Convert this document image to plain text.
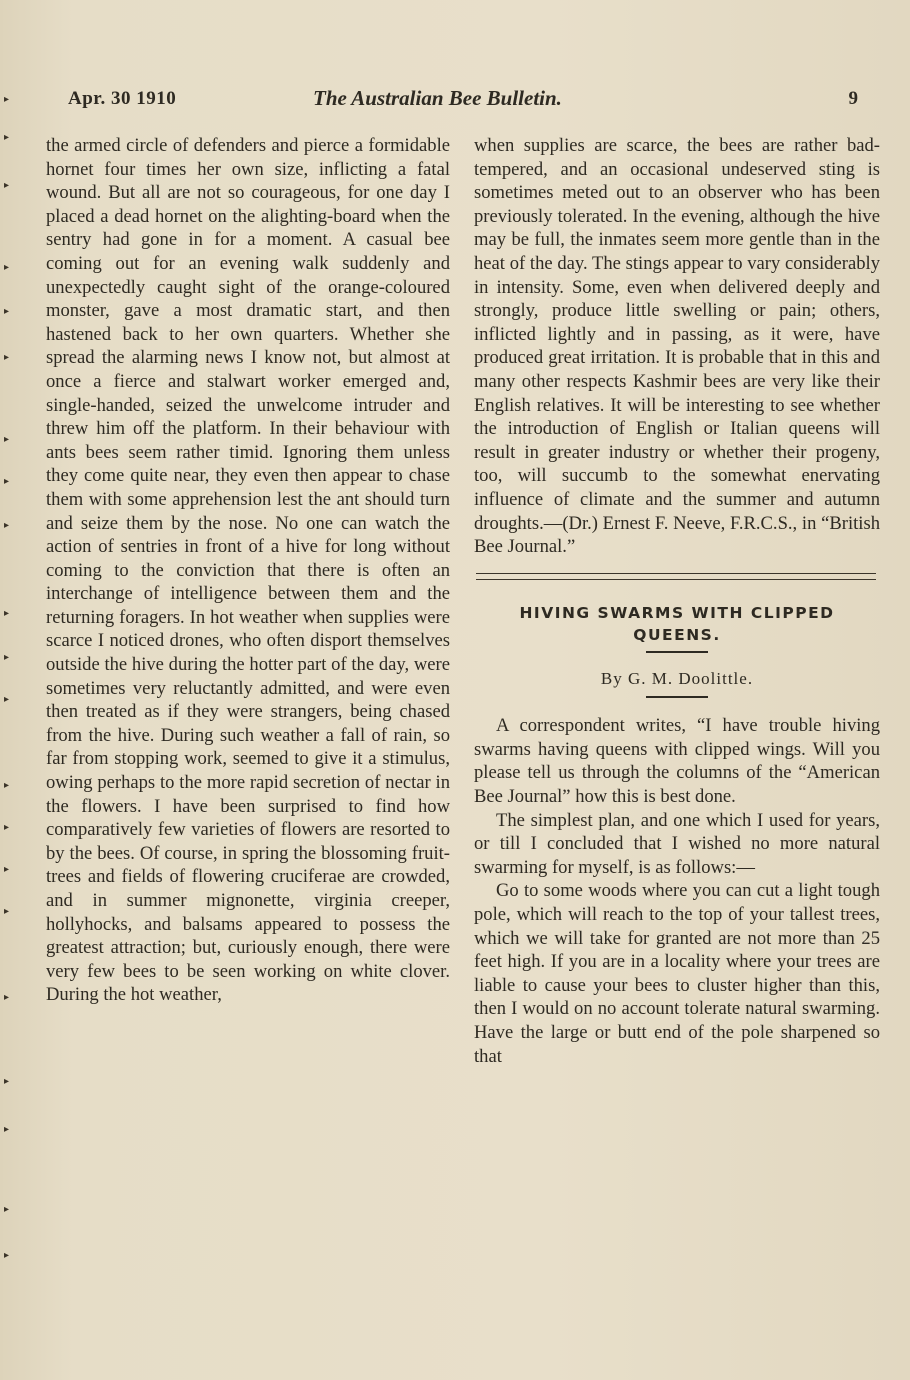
▸
▸
▸
▸
▸
▸
▸
▸
▸
▸
▸
▸
▸
▸
▸
▸
▸
▸
▸
▸
▸
Apr. 30 1910	The Australian Bee Bulletin.	9

the armed circle of defenders and pierce a formidable hornet four times her own size, inflicting a fatal wound. But all are not so courageous, for one day I placed a dead hornet on the alighting-board when the sentry had gone in for a moment. A casual bee coming out for an evening walk suddenly and unexpectedly caught sight of the orange-coloured monster, gave a most dramatic start, and then hastened back to her own quarters. Whether she spread the alarming news I know not, but almost at once a fierce and stalwart worker emerged and, single-handed, seized the unwelcome intruder and threw him off the platform. In their behaviour with ants bees seem rather timid. Ignoring them unless they come quite near, they even then appear to chase them with some apprehension lest the ant should turn and seize them by the nose. No one can watch the action of sentries in front of a hive for long without coming to the conviction that there is often an interchange of intelligence between them and the returning foragers. In hot weather when supplies were scarce I noticed drones, who often disport themselves outside the hive during the hotter part of the day, were sometimes very reluctantly admitted, and were even then treated as if they were strangers, being chased from the hive. During such weather a fall of rain, so far from stopping work, seemed to give it a stimulus, owing perhaps to the more rapid secretion of nectar in the flowers. I have been surprised to find how comparatively few varieties of flowers are resorted to by the bees. Of course, in spring the blossoming fruit-trees and fields of flowering cruciferae are crowded, and in summer mignonette, virginia creeper, hollyhocks, and balsams appeared to possess the greatest attraction; but, curiously enough, there were very few bees to be seen working on white clover. During the hot weather,

when supplies are scarce, the bees are rather bad-tempered, and an occasional undeserved sting is sometimes meted out to an observer who has been previously tolerated. In the evening, although the hive may be full, the inmates seem more gentle than in the heat of the day. The stings appear to vary considerably in intensity. Some, even when delivered deeply and strongly, produce little swelling or pain; others, inflicted lightly and in passing, as it were, have produced great irritation. It is probable that in this and many other respects Kashmir bees are very like their English relatives. It will be interesting to see whether the introduction of English or Italian queens will result in greater industry or whether their progeny, too, will succumb to the somewhat enervating influence of climate and the summer and autumn droughts.—(Dr.) Ernest F. Neeve, F.R.C.S., in “British Bee Journal.”

HIVING SWARMS WITH CLIPPED
QUEENS.
By G. M. Doolittle.

A correspondent writes, “I have trouble hiving swarms having queens with clipped wings. Will you please tell us through the columns of the “American Bee Journal” how this is best done.

The simplest plan, and one which I used for years, or till I concluded that I wished no more natural swarming for myself, is as follows:—

Go to some woods where you can cut a light tough pole, which will reach to the top of your tallest trees, which we will take for granted are not more than 25 feet high. If you are in a locality where your trees are liable to cause your bees to cluster higher than this, then I would on no account tolerate natural swarming. Have the large or butt end of the pole sharpened so that
